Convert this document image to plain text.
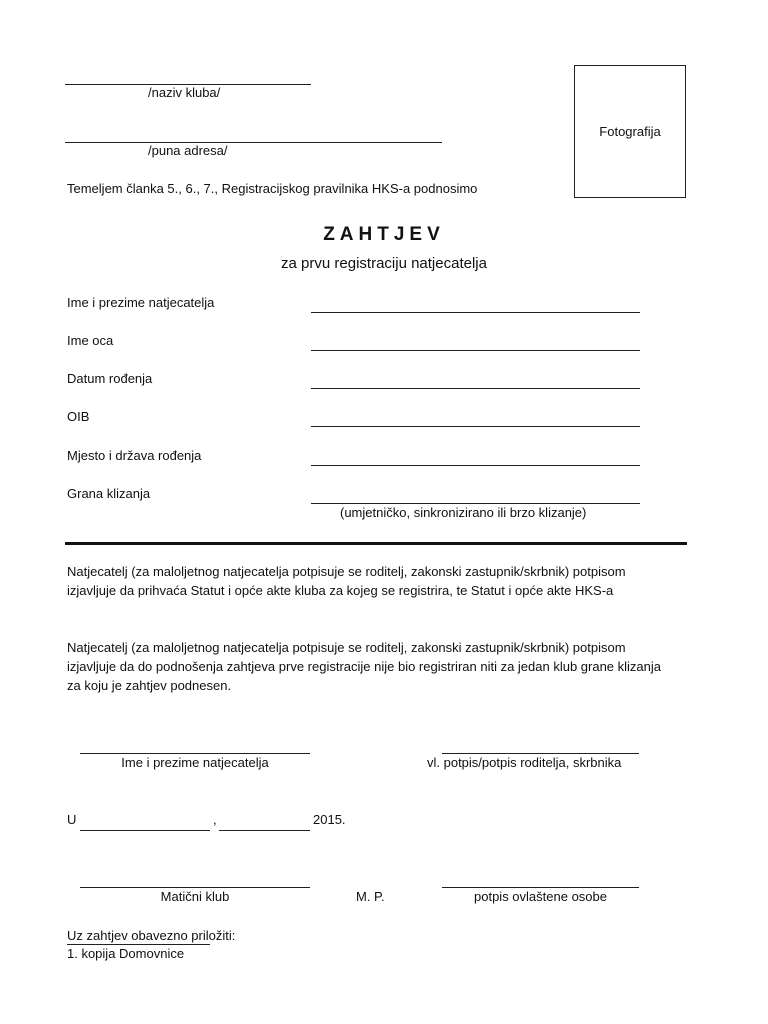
/naziv kluba/
/puna adresa/
Fotografija
Temeljem članka 5., 6., 7., Registracijskog pravilnika HKS-a podnosimo
ZAHTJEV
za prvu registraciju natjecatelja
Ime i prezime natjecatelja
Ime oca
Datum rođenja
OIB
Mjesto i država rođenja
Grana klizanja
(umjetničko, sinkronizirano ili brzo klizanje)
Natjecatelj (za maloljetnog natjecatelja potpisuje se roditelj, zakonski zastupnik/skrbnik) potpisom izjavljuje da prihvaća Statut i opće akte kluba za kojeg se registrira, te Statut i opće akte HKS-a
Natjecatelj (za maloljetnog natjecatelja potpisuje se roditelj, zakonski zastupnik/skrbnik) potpisom izjavljuje da do podnošenja zahtjeva prve registracije nije bio registriran niti za jedan klub grane klizanja za koju je zahtjev podnesen.
Ime i prezime natjecatelja	vl. potpis/potpis roditelja, skrbnika
U	,	2015.
Matični klub	M. P.	potpis ovlaštene osobe
Uz zahtjev obavezno priložiti:
1. kopija Domovnice
